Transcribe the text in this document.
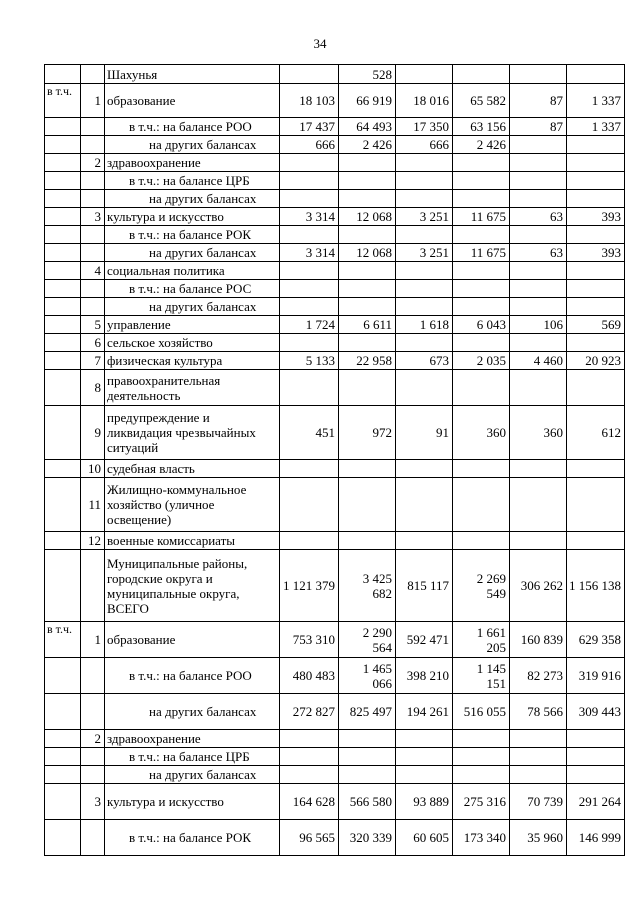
34
		Шахунья		528				
в т.ч.	1	образование	18 103	66 919	18 016	65 582	87	1 337
		в т.ч.: на балансе РОО	17 437	64 493	17 350	63 156	87	1 337
		на других балансах	666	2 426	666	2 426		
	2	здравоохранение						
		в т.ч.: на балансе ЦРБ						
		на других балансах						
	3	культура и искусство	3 314	12 068	3 251	11 675	63	393
		в т.ч.: на балансе РОК						
		на других балансах	3 314	12 068	3 251	11 675	63	393
	4	социальная политика						
		в т.ч.: на балансе РОС						
		на других балансах						
	5	управление	1 724	6 611	1 618	6 043	106	569
	6	сельское хозяйство						
	7	физическая культура	5 133	22 958	673	2 035	4 460	20 923
	8	правоохранительная деятельность						
	9	предупреждение и ликвидация чрезвычайных ситуаций	451	972	91	360	360	612
	10	судебная власть						
	11	Жилищно-коммунальное хозяйство (уличное освещение)						
	12	военные комиссариаты						
		Муниципальные районы, городские округа и муниципальные округа, ВСЕГО	1 121 379	3 425 682	815 117	2 269 549	306 262	1 156 138
в т.ч.	1	образование	753 310	2 290 564	592 471	1 661 205	160 839	629 358
		в т.ч.: на балансе РОО	480 483	1 465 066	398 210	1 145 151	82 273	319 916
		на других балансах	272 827	825 497	194 261	516 055	78 566	309 443
	2	здравоохранение						
		в т.ч.: на балансе ЦРБ						
		на других балансах						
	3	культура и искусство	164 628	566 580	93 889	275 316	70 739	291 264
		в т.ч.: на балансе РОК	96 565	320 339	60 605	173 340	35 960	146 999
